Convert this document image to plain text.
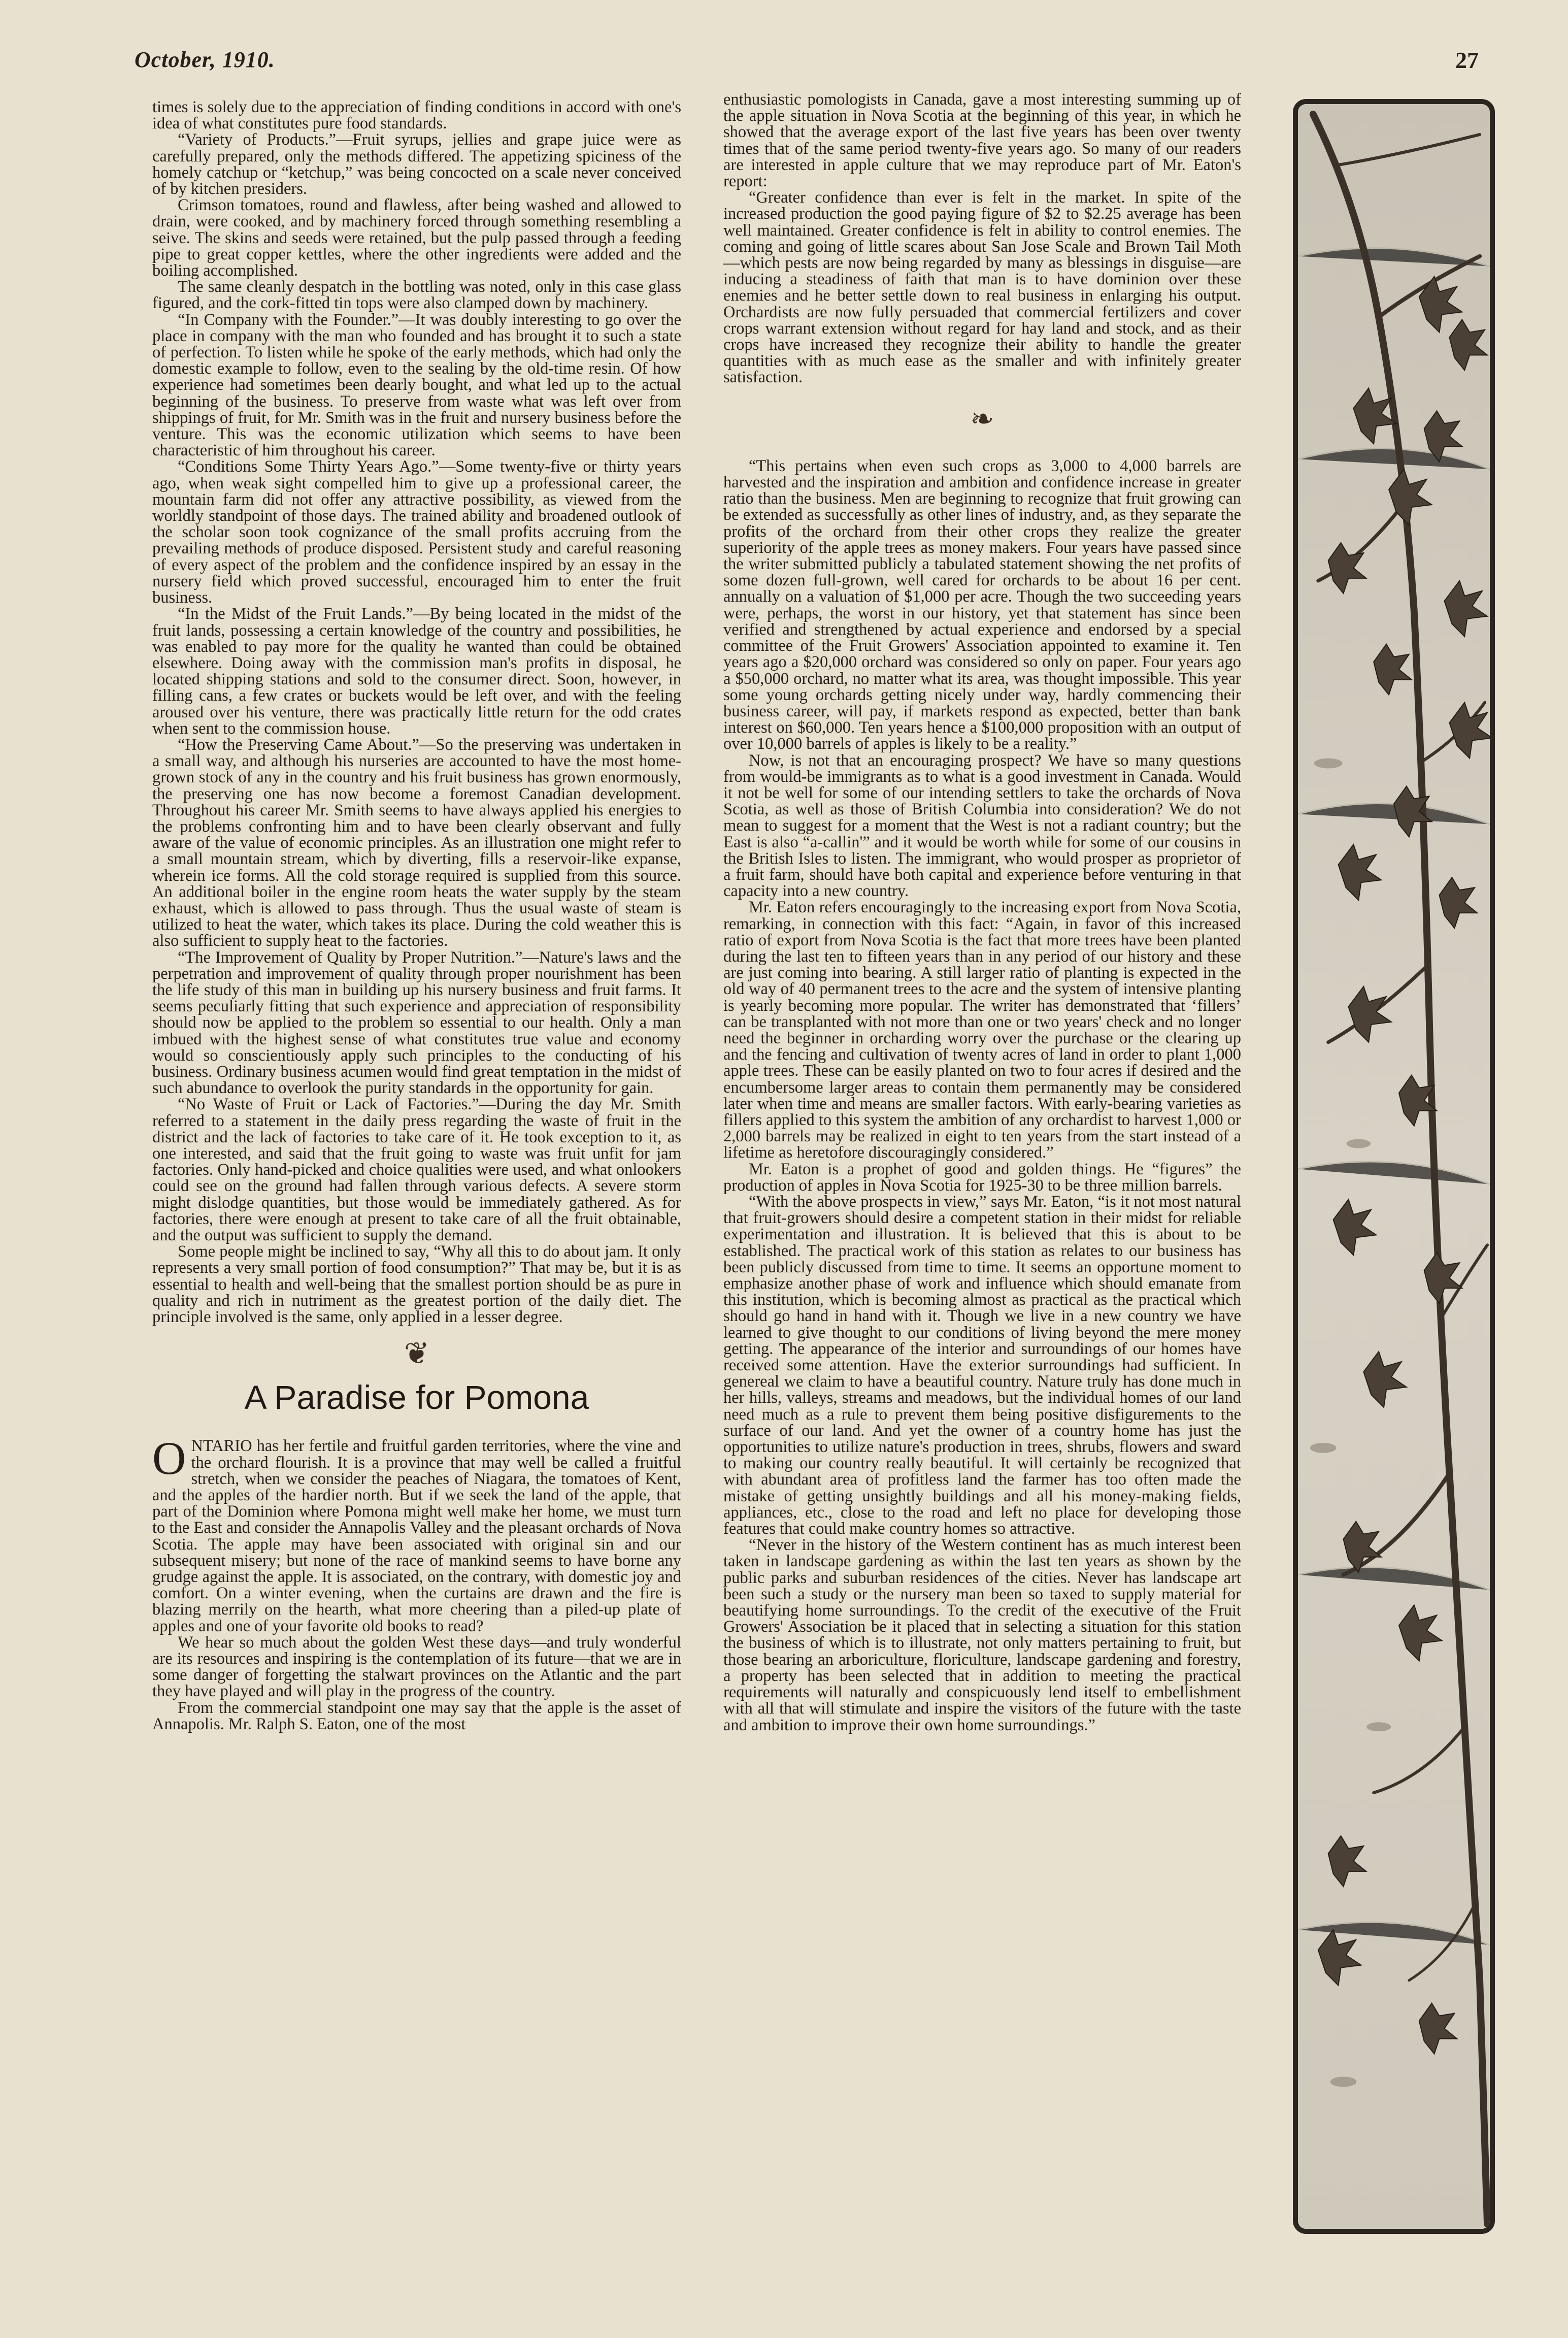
October, 1910.	27

times is solely due to the appreciation of finding conditions in accord with one's idea of what constitutes pure food standards.

“Variety of Products.”—Fruit syrups, jellies and grape juice were as carefully prepared, only the methods differed. The appetizing spiciness of the homely catchup or “ketchup,” was being concocted on a scale never conceived of by kitchen presiders.

Crimson tomatoes, round and flawless, after being washed and allowed to drain, were cooked, and by machinery forced through something resembling a seive. The skins and seeds were retained, but the pulp passed through a feeding pipe to great copper kettles, where the other ingredients were added and the boiling accomplished.

The same cleanly despatch in the bottling was noted, only in this case glass figured, and the cork-fitted tin tops were also clamped down by machinery.

“In Company with the Founder.”—It was doubly interesting to go over the place in company with the man who founded and has brought it to such a state of perfection. To listen while he spoke of the early methods, which had only the domestic example to follow, even to the sealing by the old-time resin. Of how experience had sometimes been dearly bought, and what led up to the actual beginning of the business. To preserve from waste what was left over from shippings of fruit, for Mr. Smith was in the fruit and nursery business before the venture. This was the economic utilization which seems to have been characteristic of him throughout his career.

“Conditions Some Thirty Years Ago.”—Some twenty-five or thirty years ago, when weak sight compelled him to give up a professional career, the mountain farm did not offer any attractive possibility, as viewed from the worldly standpoint of those days. The trained ability and broadened outlook of the scholar soon took cognizance of the small profits accruing from the prevailing methods of produce disposed. Persistent study and careful reasoning of every aspect of the problem and the confidence inspired by an essay in the nursery field which proved successful, encouraged him to enter the fruit business.

“In the Midst of the Fruit Lands.”—By being located in the midst of the fruit lands, possessing a certain knowledge of the country and possibilities, he was enabled to pay more for the quality he wanted than could be obtained elsewhere. Doing away with the commission man's profits in disposal, he located shipping stations and sold to the consumer direct. Soon, however, in filling cans, a few crates or buckets would be left over, and with the feeling aroused over his venture, there was practically little return for the odd crates when sent to the commission house.

“How the Preserving Came About.”—So the preserving was undertaken in a small way, and although his nurseries are accounted to have the most home-grown stock of any in the country and his fruit business has grown enormously, the preserving one has now become a foremost Canadian development. Throughout his career Mr. Smith seems to have always applied his energies to the problems confronting him and to have been clearly observant and fully aware of the value of economic principles. As an illustration one might refer to a small mountain stream, which by diverting, fills a reservoir-like expanse, wherein ice forms. All the cold storage required is supplied from this source. An additional boiler in the engine room heats the water supply by the steam exhaust, which is allowed to pass through. Thus the usual waste of steam is utilized to heat the water, which takes its place. During the cold weather this is also sufficient to supply heat to the factories.

“The Improvement of Quality by Proper Nutrition.”—Nature's laws and the perpetration and improvement of quality through proper nourishment has been the life study of this man in building up his nursery business and fruit farms. It seems peculiarly fitting that such experience and appreciation of responsibility should now be applied to the problem so essential to our health. Only a man imbued with the highest sense of what constitutes true value and economy would so conscientiously apply such principles to the conducting of his business. Ordinary business acumen would find great temptation in the midst of such abundance to overlook the purity standards in the opportunity for gain.

“No Waste of Fruit or Lack of Factories.”—During the day Mr. Smith referred to a statement in the daily press regarding the waste of fruit in the district and the lack of factories to take care of it. He took exception to it, as one interested, and said that the fruit going to waste was fruit unfit for jam factories. Only hand-picked and choice qualities were used, and what onlookers could see on the ground had fallen through various defects. A severe storm might dislodge quantities, but those would be immediately gathered. As for factories, there were enough at present to take care of all the fruit obtainable, and the output was sufficient to supply the demand.

Some people might be inclined to say, “Why all this to do about jam. It only represents a very small portion of food consumption?” That may be, but it is as essential to health and well-being that the smallest portion should be as pure in quality and rich in nutriment as the greatest portion of the daily diet. The principle involved is the same, only applied in a lesser degree.

❦
A Paradise for Pomona

ONTARIO has her fertile and fruitful garden territories, where the vine and the orchard flourish. It is a province that may well be called a fruitful stretch, when we consider the peaches of Niagara, the tomatoes of Kent, and the apples of the hardier north. But if we seek the land of the apple, that part of the Dominion where Pomona might well make her home, we must turn to the East and consider the Annapolis Valley and the pleasant orchards of Nova Scotia. The apple may have been associated with original sin and our subsequent misery; but none of the race of mankind seems to have borne any grudge against the apple. It is associated, on the contrary, with domestic joy and comfort. On a winter evening, when the curtains are drawn and the fire is blazing merrily on the hearth, what more cheering than a piled-up plate of apples and one of your favorite old books to read?

We hear so much about the golden West these days—and truly wonderful are its resources and inspiring is the contemplation of its future—that we are in some danger of forgetting the stalwart provinces on the Atlantic and the part they have played and will play in the progress of the country.

From the commercial standpoint one may say that the apple is the asset of Annapolis. Mr. Ralph S. Eaton, one of the most

enthusiastic pomologists in Canada, gave a most interesting summing up of the apple situation in Nova Scotia at the beginning of this year, in which he showed that the average export of the last five years has been over twenty times that of the same period twenty-five years ago. So many of our readers are interested in apple culture that we may reproduce part of Mr. Eaton's report:

“Greater confidence than ever is felt in the market. In spite of the increased production the good paying figure of $2 to $2.25 average has been well maintained. Greater confidence is felt in ability to control enemies. The coming and going of little scares about San Jose Scale and Brown Tail Moth—which pests are now being regarded by many as blessings in disguise—are inducing a steadiness of faith that man is to have dominion over these enemies and he better settle down to real business in enlarging his output. Orchardists are now fully persuaded that commercial fertilizers and cover crops warrant extension without regard for hay land and stock, and as their crops have increased they recognize their ability to handle the greater quantities with as much ease as the smaller and with infinitely greater satisfaction.

❧

“This pertains when even such crops as 3,000 to 4,000 barrels are harvested and the inspiration and ambition and confidence increase in greater ratio than the business. Men are beginning to recognize that fruit growing can be extended as successfully as other lines of industry, and, as they separate the profits of the orchard from their other crops they realize the greater superiority of the apple trees as money makers. Four years have passed since the writer submitted publicly a tabulated statement showing the net profits of some dozen full-grown, well cared for orchards to be about 16 per cent. annually on a valuation of $1,000 per acre. Though the two succeeding years were, perhaps, the worst in our history, yet that statement has since been verified and strengthened by actual experience and endorsed by a special committee of the Fruit Growers' Association appointed to examine it. Ten years ago a $20,000 orchard was considered so only on paper. Four years ago a $50,000 orchard, no matter what its area, was thought impossible. This year some young orchards getting nicely under way, hardly commencing their business career, will pay, if markets respond as expected, better than bank interest on $60,000. Ten years hence a $100,000 proposition with an output of over 10,000 barrels of apples is likely to be a reality.”

Now, is not that an encouraging prospect? We have so many questions from would-be immigrants as to what is a good investment in Canada. Would it not be well for some of our intending settlers to take the orchards of Nova Scotia, as well as those of British Columbia into consideration? We do not mean to suggest for a moment that the West is not a radiant country; but the East is also “a-callin'” and it would be worth while for some of our cousins in the British Isles to listen. The immigrant, who would prosper as proprietor of a fruit farm, should have both capital and experience before venturing in that capacity into a new country.

Mr. Eaton refers encouragingly to the increasing export from Nova Scotia, remarking, in connection with this fact: “Again, in favor of this increased ratio of export from Nova Scotia is the fact that more trees have been planted during the last ten to fifteen years than in any period of our history and these are just coming into bearing. A still larger ratio of planting is expected in the old way of 40 permanent trees to the acre and the system of intensive planting is yearly becoming more popular. The writer has demonstrated that ‘fillers’ can be transplanted with not more than one or two years' check and no longer need the beginner in orcharding worry over the purchase or the clearing up and the fencing and cultivation of twenty acres of land in order to plant 1,000 apple trees. These can be easily planted on two to four acres if desired and the encumbersome larger areas to contain them permanently may be considered later when time and means are smaller factors. With early-bearing varieties as fillers applied to this system the ambition of any orchardist to harvest 1,000 or 2,000 barrels may be realized in eight to ten years from the start instead of a lifetime as heretofore discouragingly considered.”

Mr. Eaton is a prophet of good and golden things. He “figures” the production of apples in Nova Scotia for 1925-30 to be three million barrels.

“With the above prospects in view,” says Mr. Eaton, “is it not most natural that fruit-growers should desire a competent station in their midst for reliable experimentation and illustration. It is believed that this is about to be established. The practical work of this station as relates to our business has been publicly discussed from time to time. It seems an opportune moment to emphasize another phase of work and influence which should emanate from this institution, which is becoming almost as practical as the practical which should go hand in hand with it. Though we live in a new country we have learned to give thought to our conditions of living beyond the mere money getting. The appearance of the interior and surroundings of our homes have received some attention. Have the exterior surroundings had sufficient. In genereal we claim to have a beautiful country. Nature truly has done much in her hills, valleys, streams and meadows, but the individual homes of our land need much as a rule to prevent them being positive disfigurements to the surface of our land. And yet the owner of a country home has just the opportunities to utilize nature's production in trees, shrubs, flowers and sward to making our country really beautiful. It will certainly be recognized that with abundant area of profitless land the farmer has too often made the mistake of getting unsightly buildings and all his money-making fields, appliances, etc., close to the road and left no place for developing those features that could make country homes so attractive.

“Never in the history of the Western continent has as much interest been taken in landscape gardening as within the last ten years as shown by the public parks and suburban residences of the cities. Never has landscape art been such a study or the nursery man been so taxed to supply material for beautifying home surroundings. To the credit of the executive of the Fruit Growers' Association be it placed that in selecting a situation for this station the business of which is to illustrate, not only matters pertaining to fruit, but those bearing an arboriculture, floriculture, landscape gardening and forestry, a property has been selected that in addition to meeting the practical requirements will naturally and conspicuously lend itself to embellishment with all that will stimulate and inspire the visitors of the future with the taste and ambition to improve their own home surroundings.”
